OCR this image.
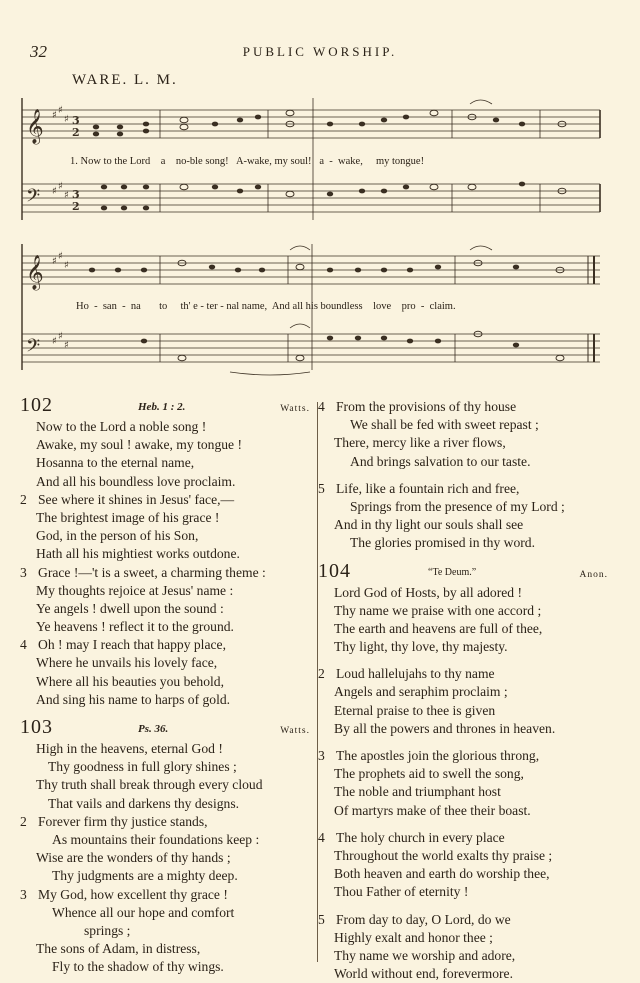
32	PUBLIC WORSHIP.
WARE. L. M.
𝄞
𝄢
𝄞
𝄢
♯ ♯
♯
♯ ♯
♯
♯ ♯
♯
♯ ♯
♯
3
2
3
2
1. Now to the Lord a no-ble song! A-wake, my soul! a - wake, my tongue!
Ho - san - na to th' e - ter - nal name, And all his boundless love pro - claim.
102	Heb. 1 : 2.	Watts.
Now to the Lord a noble song !
Awake, my soul ! awake, my tongue !
Hosanna to the eternal name,
And all his boundless love proclaim.
2 See where it shines in Jesus' face,—
The brightest image of his grace !
God, in the person of his Son,
Hath all his mightiest works outdone.
3 Grace !—'t is a sweet, a charming theme :
My thoughts rejoice at Jesus' name :
Ye angels ! dwell upon the sound :
Ye heavens ! reflect it to the ground.
4 Oh ! may I reach that happy place,
Where he unvails his lovely face,
Where all his beauties you behold,
And sing his name to harps of gold.
103	Ps. 36.	Watts.
High in the heavens, eternal God !
Thy goodness in full glory shines ;
Thy truth shall break through every cloud
That vails and darkens thy designs.
2 Forever firm thy justice stands,
As mountains their foundations keep :
Wise are the wonders of thy hands ;
Thy judgments are a mighty deep.
3 My God, how excellent thy grace !
Whence all our hope and comfort
springs ;
The sons of Adam, in distress,
Fly to the shadow of thy wings.
4 From the provisions of thy house
We shall be fed with sweet repast ;
There, mercy like a river flows,
And brings salvation to our taste.
5 Life, like a fountain rich and free,
Springs from the presence of my Lord ;
And in thy light our souls shall see
The glories promised in thy word.
104	“Te Deum.”	Anon.
Lord God of Hosts, by all adored !
Thy name we praise with one accord ;
The earth and heavens are full of thee,
Thy light, thy love, thy majesty.
2 Loud hallelujahs to thy name
Angels and seraphim proclaim ;
Eternal praise to thee is given
By all the powers and thrones in heaven.
3 The apostles join the glorious throng,
The prophets aid to swell the song,
The noble and triumphant host
Of martyrs make of thee their boast.
4 The holy church in every place
Throughout the world exalts thy praise ;
Both heaven and earth do worship thee,
Thou Father of eternity !
5 From day to day, O Lord, do we
Highly exalt and honor thee ;
Thy name we worship and adore,
World without end, forevermore.
